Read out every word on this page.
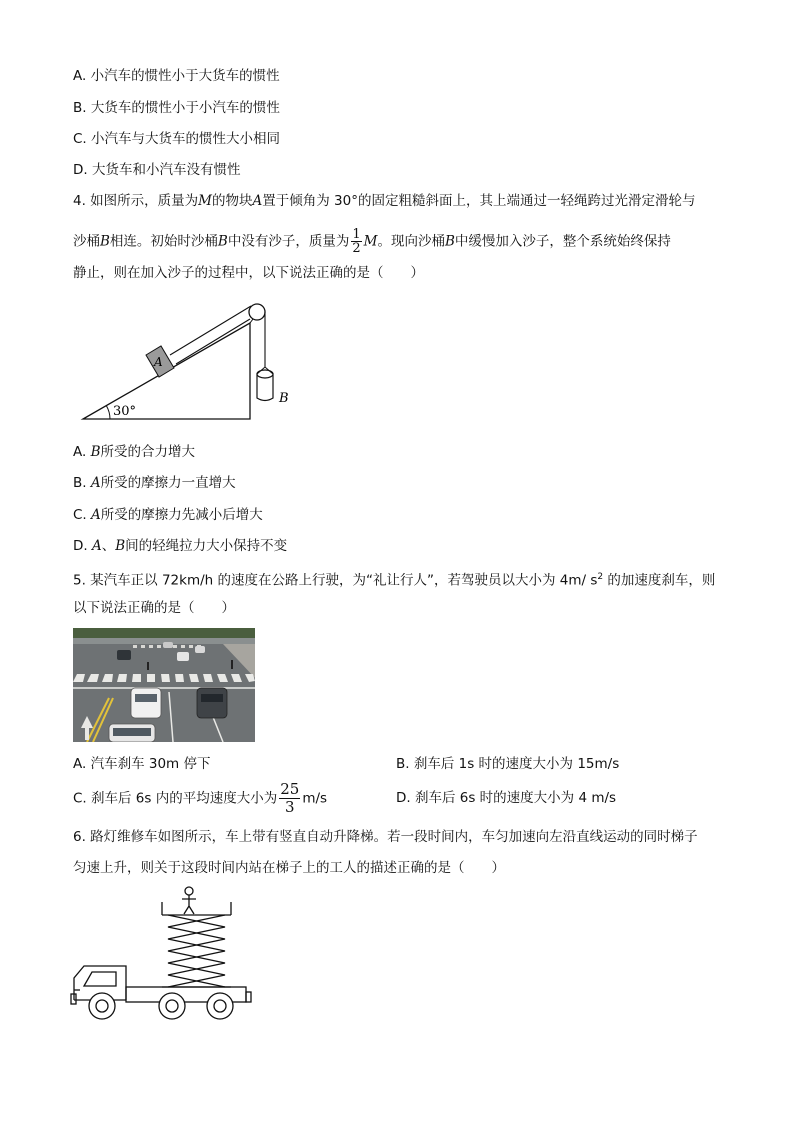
A. 小汽车的惯性小于大货车的惯性
B. 大货车的惯性小于小汽车的惯性
C. 小汽车与大货车的惯性大小相同
D. 大货车和小汽车没有惯性
4. 如图所示，质量为M的物块A置于倾角为 30°的固定粗糙斜面上，其上端通过一轻绳跨过光滑定滑轮与
沙桶B相连。初始时沙桶B中没有沙子，质量为 $\frac{1}{2}$ M。现向沙桶B中缓慢加入沙子，整个系统始终保持
静止，则在加入沙子的过程中，以下说法正确的是（　　）
A
B
30°
A. B所受的合力增大
B. A所受的摩擦力一直增大
C. A所受的摩擦力先减小后增大
D. A、B间的轻绳拉力大小保持不变
5. 某汽车正以 72km/h 的速度在公路上行驶，为“礼让行人”，若驾驶员以大小为 4m/ $s^2$ 的加速度刹车，则
以下说法正确的是（　　）
A. 汽车刹车 30m 停下	B. 刹车后 1s 时的速度大小为 15m/s
C. 刹车后 6s 内的平均速度大小为 $\frac{25}{3} m/s$	D. 刹车后 6s 时的速度大小为 4 m/s
6. 路灯维修车如图所示，车上带有竖直自动升降梯。若一段时间内，车匀加速向左沿直线运动的同时梯子
匀速上升，则关于这段时间内站在梯子上的工人的描述正确的是（　　）
